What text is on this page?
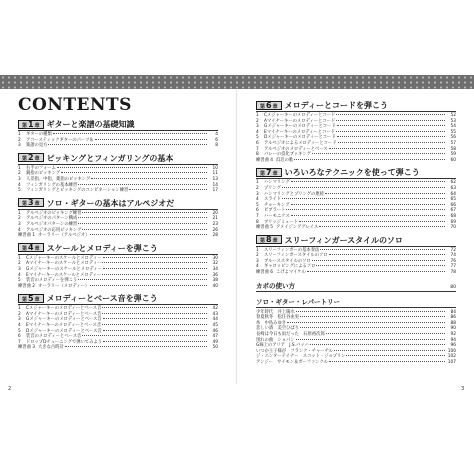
CONTENTS
第 1 章 ギターと楽譜の基礎知識
1	ギターの種類	4
2	アコースティックギターのパーツ＆	6
3	楽譜の見方	8
第 2 章 ピッキングとフィンガリングの基本
1	右手のフォーム	10
2	親指のピッキング	11
3	人差指、中指、薬指のピッキング	13
4	フィンガリングの基本練習	14
5	フィンガリングとピッキングのコンビネーション練習	17
第 3 章 ソロ・ギターの基本はアルペジオだ
1	アルペジオのピッキング練習	20
2	アルペジオのパターン構成	21
3	アルペジオパターンの練習	23
4	アルペジオの応用ピッキング	26
練習曲 1 オーラリー（アルペジオ）	28
第 4 章 スケールとメロディーを弾こう
1	Cメジャーキーのスケールとメロディー	30
2	Aマイナーキーのスケールとメロディー	32
3	Gメジャーキーのスケールとメロディー	34
4	Eマイナーキーのスケールとメロディー	36
5	装音のメロディーを弾こう	38
練習曲 2 オーラリー（メロディー）	40
第 5 章 メロディーとベース音を弾こう
1	Cメジャーキーのメロディーとベース音	42
2	Aマイナーキーのメロディーとベース音	43
3	Gメジャーキーのメロディーとベース音	44
4	Eマイナーキーのメロディーとベース音	45
5	Dメジャーキーのメロディーとベース音	46
6	装音のメロディーとベース音	47
7	ドロップDチューニングで弾いてみよう	49
練習曲 3 大きな古時計	50
第 6 章 メロディーとコードを弾こう
1	Cメジャーキーのメロディーとコード	52
2	Aマイナーキーのメロディーとコード	53
3	Gメジャーキーのメロディーとコード	54
4	Eマイナーキーのメロディーとコード	55
5	Dメジャーキーのメロディーとコード	56
6	アルペジオによるメロディーとコード	57
7	アルペジオのメロディーとベース	58
8	バレーの技化ブッキング	59
練習曲 4 浜辺の歌	60
第 7 章 いろいろなテクニックを使って弾こう
1	ハンマリング	62
2	プリング	63
3	ハンマリングとプリングの連続	64
4	スライド	65
5	チョーキング	66
6	ビブラート	67
7	ハーモニクス	68
8	ブリッジミュート	69
練習曲 5 アメイジンググレイス	70
第 8 章 スリーフィンガースタイルのソロ
1	スリーフィンガーの基本奏法	72
2	スリーフィンガースタイルのソロ	74
3	ブルーススタイルのソロ	76
4	ギャロッピングによるソロ	77
練習曲 6 こげよマイケル	78
カポの使い方	80
ソロ・ギター・レパートリー
少年時代　井上陽水	84
春夏秋冬　松任谷由実	86
糸　中島みゆき	88
悲しい酒　美空ひばり	90
長崎は今日も雨だった　石原裕次郎	92
別れの曲　ショパン	94
G線上のアリア　J.S.バッハ	96
いつか王子様が　フランク・チャーチル	100
ジ・エンターテイナー　スコット・ジョプリン	102
アンジー　サイモン＆ガーファンクル	107
2	3
